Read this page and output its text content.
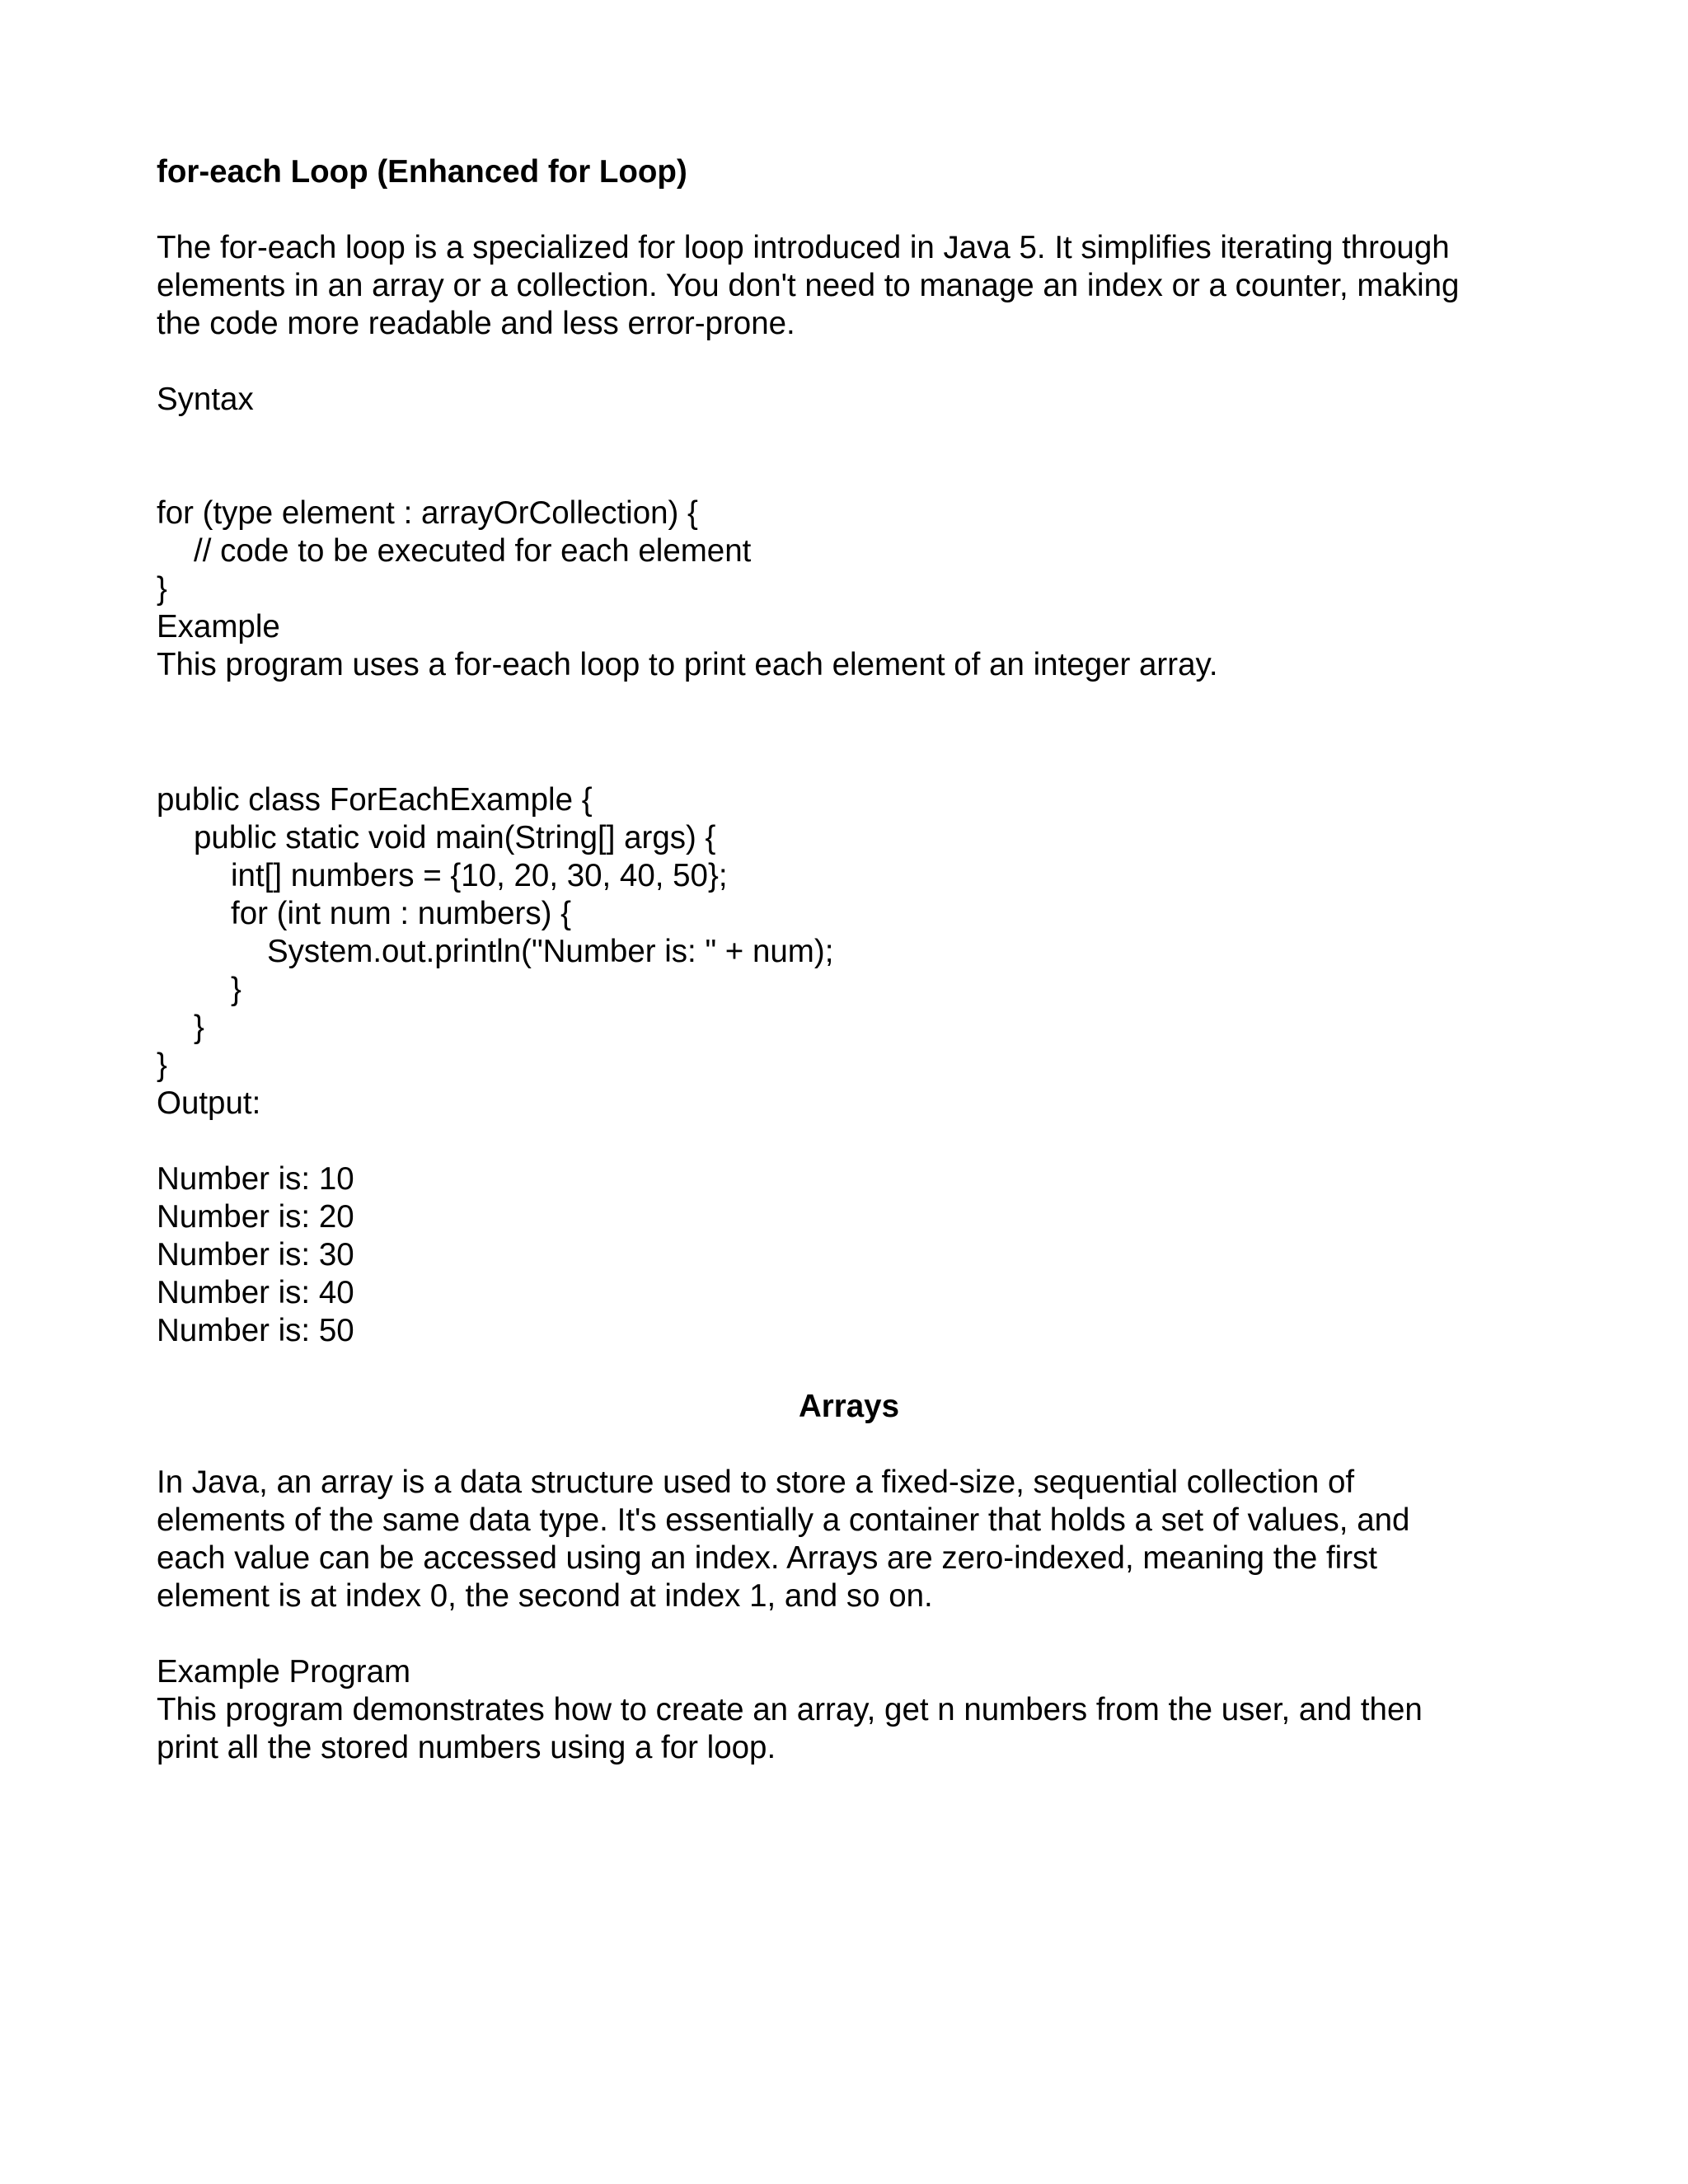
for-each Loop (Enhanced for Loop)
The for-each loop is a specialized for loop introduced in Java 5. It simplifies iterating through
elements in an array or a collection. You don't need to manage an index or a counter, making
the code more readable and less error-prone.
Syntax
for (type element : arrayOrCollection) {
// code to be executed for each element
}
Example
This program uses a for-each loop to print each element of an integer array.
public class ForEachExample {
public static void main(String[] args) {
int[] numbers = {10, 20, 30, 40, 50};
for (int num : numbers) {
System.out.println("Number is: " + num);
}
}
}
Output:
Number is: 10
Number is: 20
Number is: 30
Number is: 40
Number is: 50
Arrays
In Java, an array is a data structure used to store a fixed-size, sequential collection of
elements of the same data type. It's essentially a container that holds a set of values, and
each value can be accessed using an index. Arrays are zero-indexed, meaning the first
element is at index 0, the second at index 1, and so on.
Example Program
This program demonstrates how to create an array, get n numbers from the user, and then
print all the stored numbers using a for loop.
